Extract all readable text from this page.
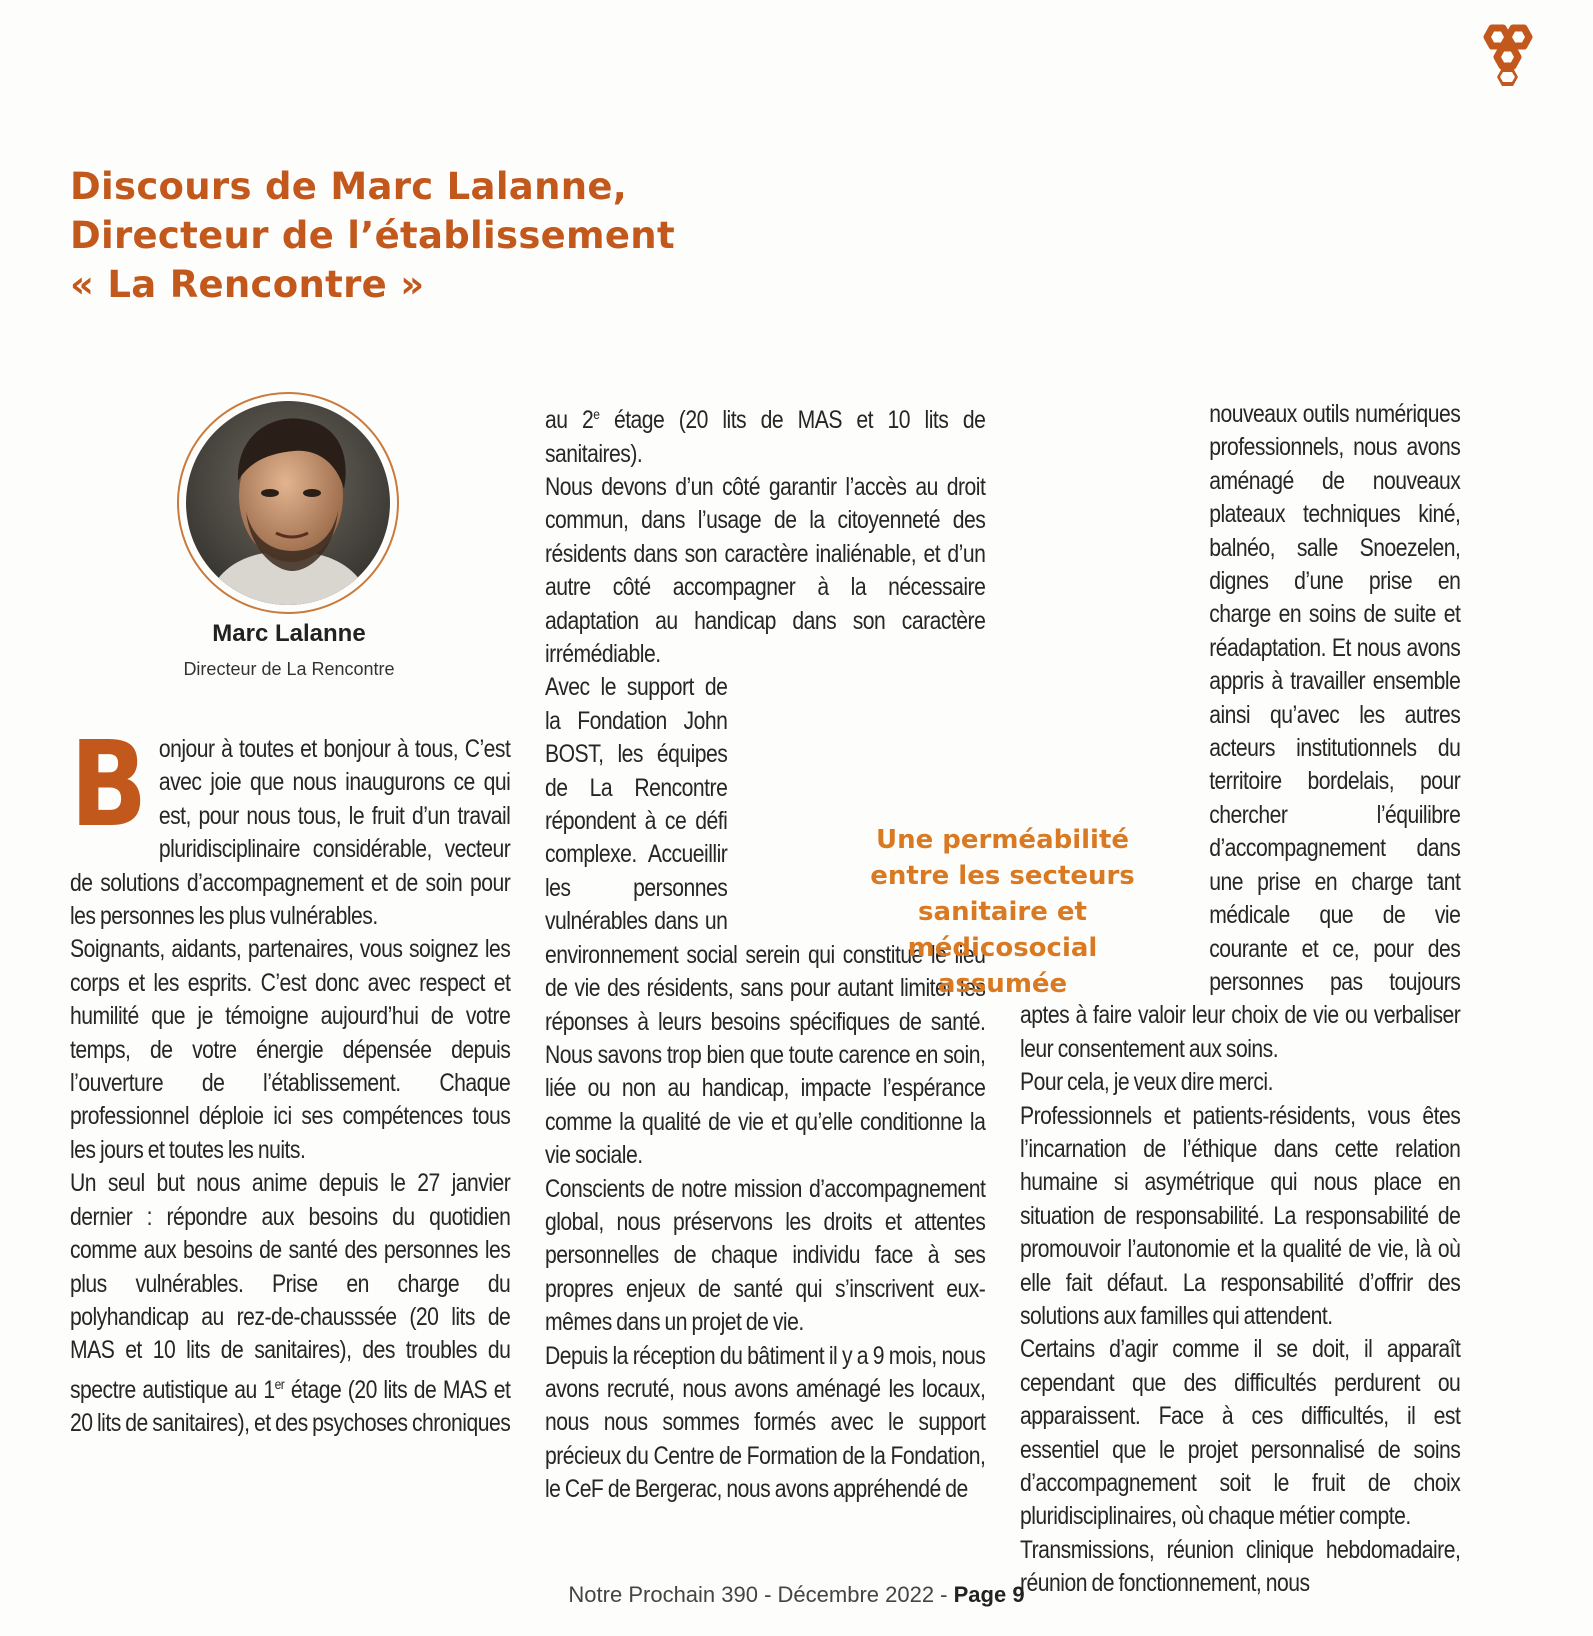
Discours de Marc Lalanne,
Directeur de l’établissement
« La Rencontre »
Marc Lalanne
Directeur de La Rencontre

Bonjour à toutes et bonjour à tous, C’est avec joie que nous inaugurons ce qui est, pour nous tous, le fruit d’un travail pluridisciplinaire considérable, vecteur de solutions d’accompagnement et de soin pour les personnes les plus vulnérables.

Soignants, aidants, partenaires, vous soignez les corps et les esprits. C’est donc avec respect et humilité que je témoigne aujourd’hui de votre temps, de votre énergie dépensée depuis l’ouverture de l’établissement. Chaque professionnel déploie ici ses compétences tous les jours et toutes les nuits.

Un seul but nous anime depuis le 27 janvier dernier : répondre aux besoins du quotidien comme aux besoins de santé des personnes les plus vulnérables. Prise en charge du polyhandicap au rez-de-chausssée (20 lits de MAS et 10 lits de sanitaires), des troubles du spectre autistique au 1er étage (20 lits de MAS et 20 lits de sanitaires), et des psychoses chroniques

au 2e étage (20 lits de MAS et 10 lits de sanitaires).

Nous devons d’un côté garantir l’accès au droit commun, dans l’usage de la citoyenneté des résidents dans son caractère inaliénable, et d’un autre côté accompagner à la nécessaire adaptation au handicap dans son caractère irrémédiable.

Avec le support de la Fondation John BOST, les équipes de La Rencontre répondent à ce défi complexe. Accueillir les personnes vulnérables dans un environnement social serein qui constitue le lieu de vie des résidents, sans pour autant limiter les réponses à leurs besoins spécifiques de santé. Nous savons trop bien que toute carence en soin, liée ou non au handicap, impacte l’espérance comme la qualité de vie et qu’elle conditionne la vie sociale.

Conscients de notre mission d’accompagnement global, nous préservons les droits et attentes personnelles de chaque individu face à ses propres enjeux de santé qui s’inscrivent eux-mêmes dans un projet de vie.

Depuis la réception du bâtiment il y a 9 mois, nous avons recruté, nous avons aménagé les locaux, nous nous sommes formés avec le support précieux du Centre de Formation de la Fondation, le CeF de Bergerac, nous avons appréhendé de

Une perméabilité
entre les secteurs
sanitaire et médicosocial
assumée

nouveaux outils numériques professionnels, nous avons aménagé de nouveaux plateaux techniques kiné, balnéo, salle Snoezelen, dignes d’une prise en charge en soins de suite et réadaptation. Et nous avons appris à travailler ensemble ainsi qu’avec les autres acteurs institutionnels du territoire bordelais, pour chercher l’équilibre d’accompagnement dans une prise en charge tant médicale que de vie courante et ce, pour des personnes pas toujours aptes à faire valoir leur choix de vie ou verbaliser leur consentement aux soins.

Pour cela, je veux dire merci.

Professionnels et patients-résidents, vous êtes l’incarnation de l’éthique dans cette relation humaine si asymétrique qui nous place en situation de responsabilité. La responsabilité de promouvoir l’autonomie et la qualité de vie, là où elle fait défaut. La responsabilité d’offrir des solutions aux familles qui attendent.

Certains d’agir comme il se doit, il apparaît cependant que des difficultés perdurent ou apparaissent. Face à ces difficultés, il est essentiel que le projet personnalisé de soins d’accompagnement soit le fruit de choix pluridisciplinaires, où chaque métier compte.

Transmissions, réunion clinique hebdomadaire, réunion de fonctionnement, nous

Notre Prochain 390 - Décembre 2022 - Page 9
